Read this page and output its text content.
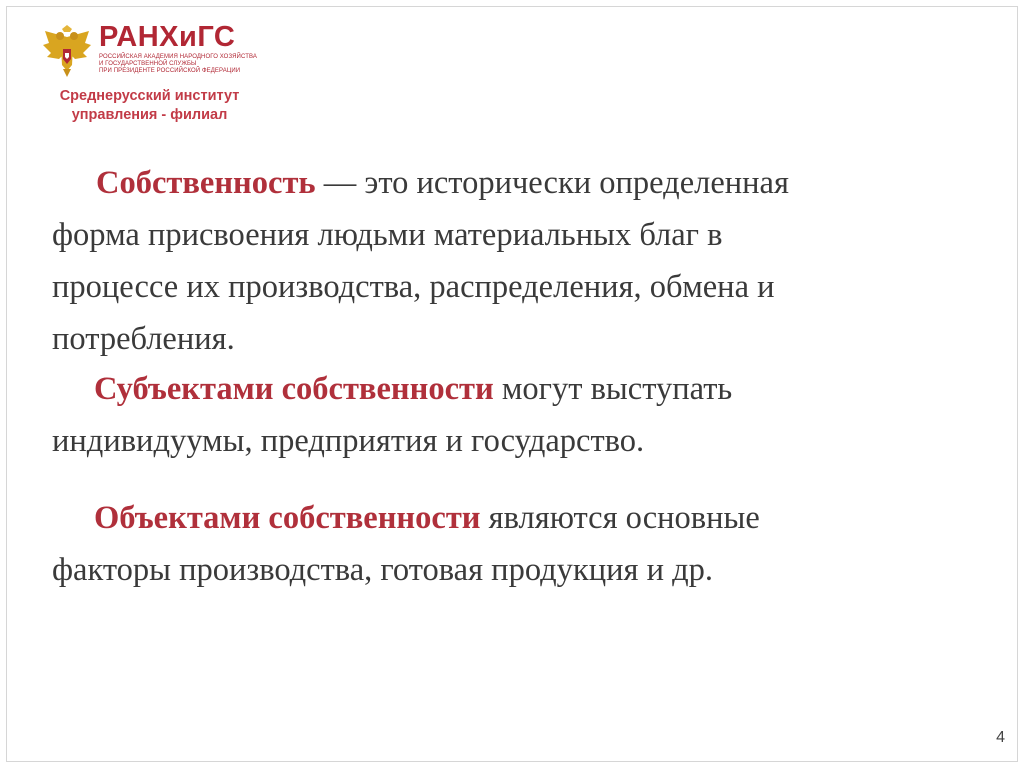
РАНХиГС
РОССИЙСКАЯ АКАДЕМИЯ НАРОДНОГО ХОЗЯЙСТВА
И ГОСУДАРСТВЕННОЙ СЛУЖБЫ
ПРИ ПРЕЗИДЕНТЕ РОССИЙСКОЙ ФЕДЕРАЦИИ
Среднерусский институт
управления - филиал
Собственность — это исторически определенная
форма присвоения людьми материальных благ в
процессе их производства, распределения, обмена и
потребления.
Субъектами собственности могут выступать
индивидуумы, предприятия и государство.
Объектами собственности являются основные
факторы производства, готовая продукция и др.
4
